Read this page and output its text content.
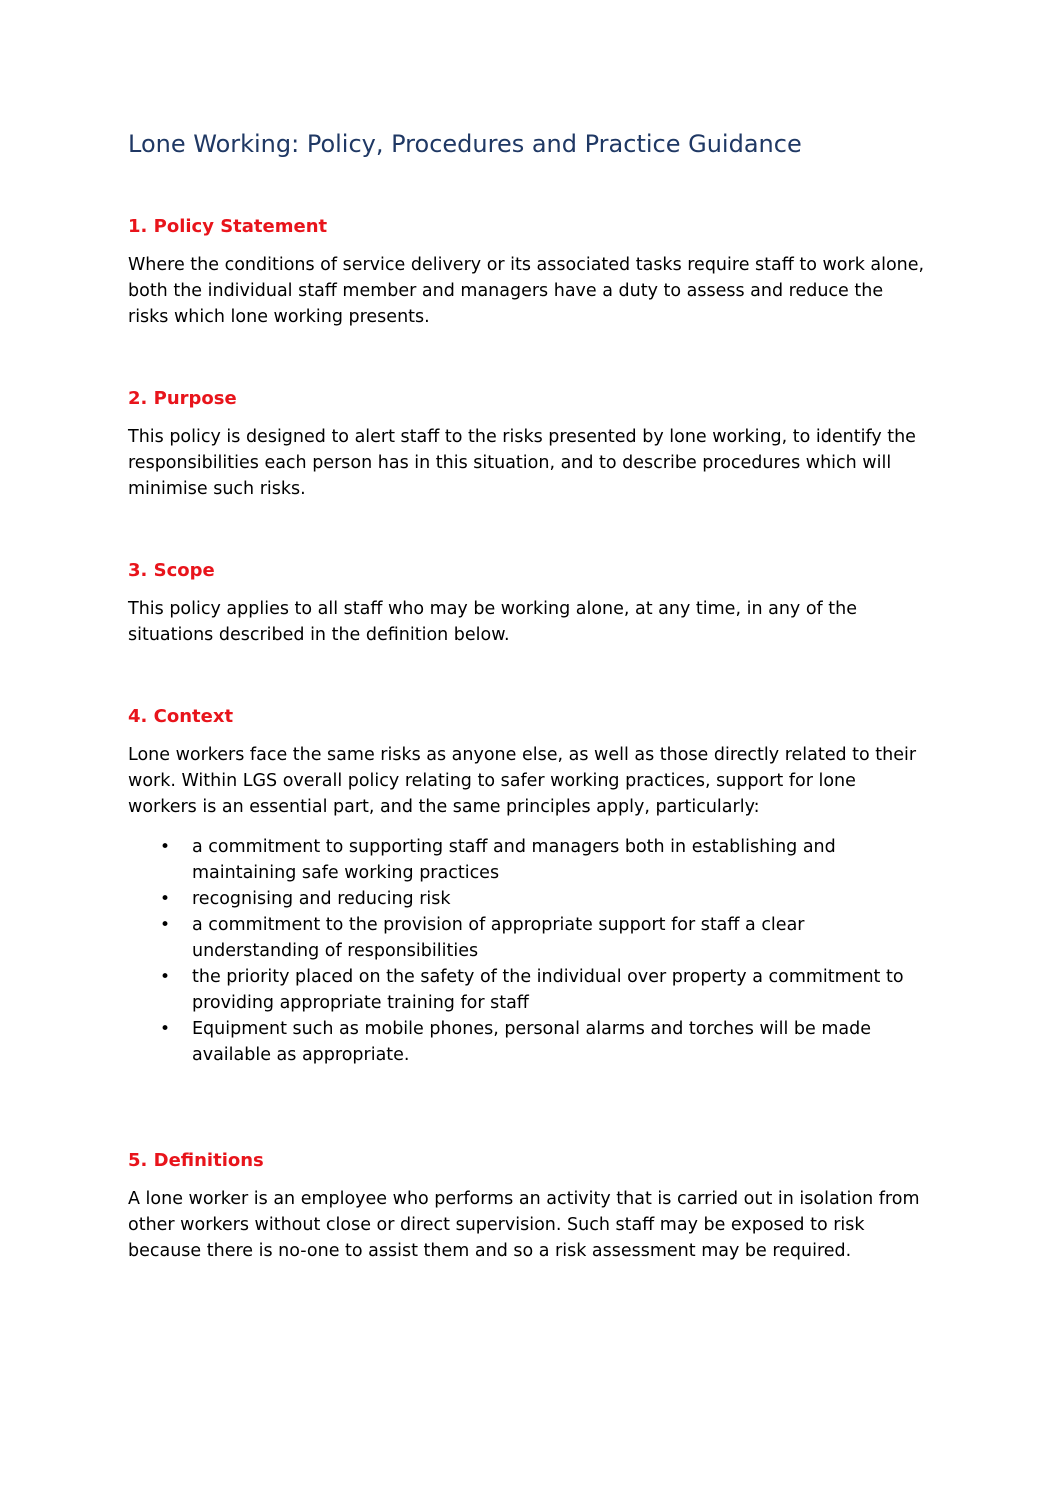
Lone Working: Policy, Procedures and Practice Guidance
1. Policy Statement

Where the conditions of service delivery or its associated tasks require staff to work alone, both the individual staff member and managers have a duty to assess and reduce the risks which lone working presents.

2. Purpose

This policy is designed to alert staff to the risks presented by lone working, to identify the responsibilities each person has in this situation, and to describe procedures which will minimise such risks.

3. Scope

This policy applies to all staff who may be working alone, at any time, in any of the situations described in the definition below.

4. Context

Lone workers face the same risks as anyone else, as well as those directly related to their work. Within LGS overall policy relating to safer working practices, support for lone workers is an essential part, and the same principles apply, particularly:

• a commitment to supporting staff and managers both in establishing and maintaining safe working practices
• recognising and reducing risk
• a commitment to the provision of appropriate support for staff a clear understanding of responsibilities
• the priority placed on the safety of the individual over property a commitment to providing appropriate training for staff
• Equipment such as mobile phones, personal alarms and torches will be made available as appropriate.
5. Definitions

A lone worker is an employee who performs an activity that is carried out in isolation from other workers without close or direct supervision. Such staff may be exposed to risk because there is no-one to assist them and so a risk assessment may be required.
